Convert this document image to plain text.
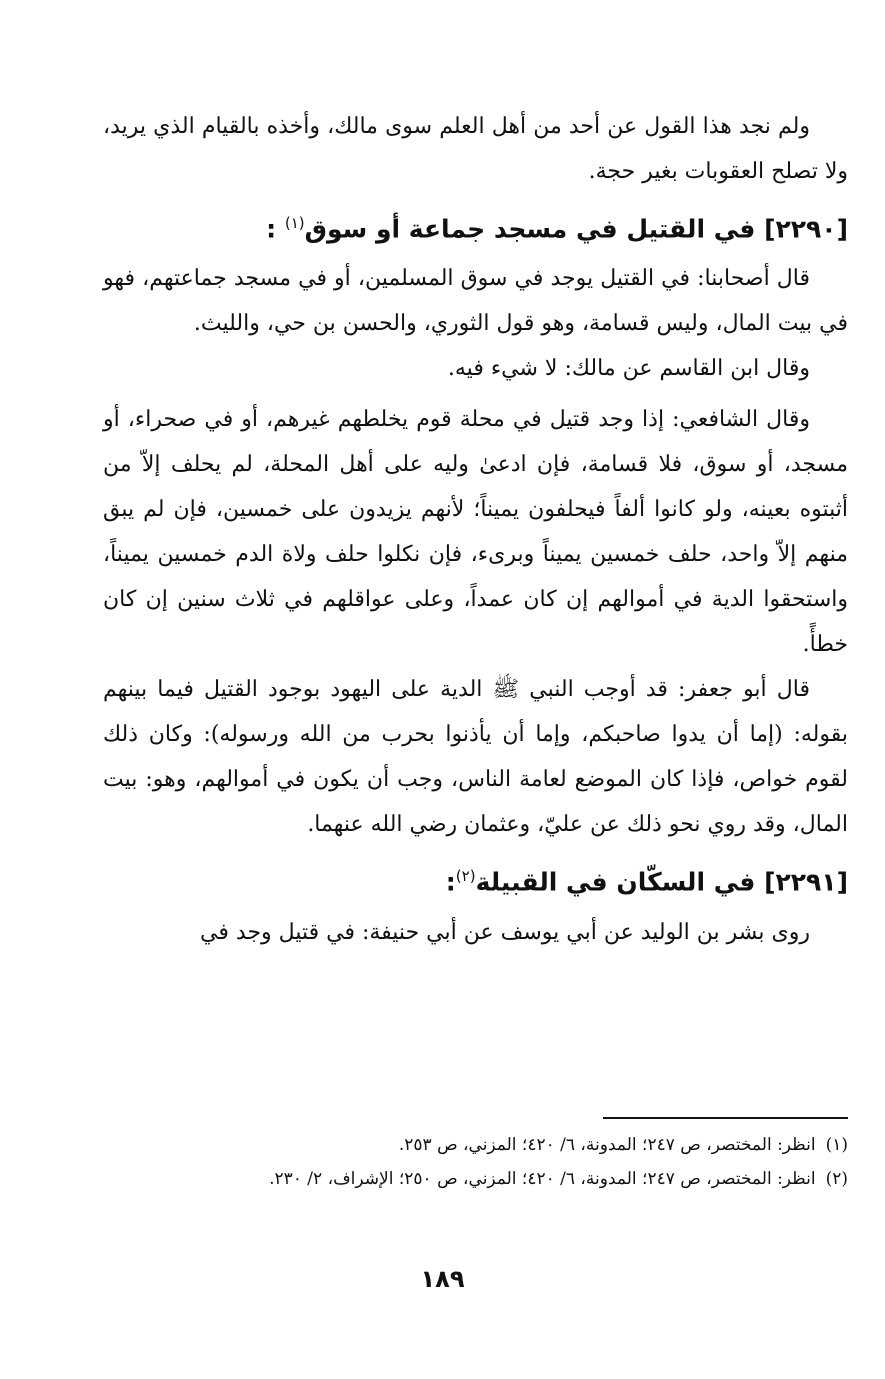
ولم نجد هذا القول عن أحد من أهل العلم سوى مالك، وأخذه بالقيام الذي يريد، ولا تصلح العقوبات بغير حجة.

[٢٢٩٠] في القتيل في مسجد جماعة أو سوق$^{(١)}$ :

قال أصحابنا: في القتيل يوجد في سوق المسلمين، أو في مسجد جماعتهم، فهو في بيت المال، وليس قسامة، وهو قول الثوري، والحسن بن حي، والليث.

وقال ابن القاسم عن مالك: لا شيء فيه.

وقال الشافعي: إذا وجد قتيل في محلة قوم يخلطهم غيرهم، أو في صحراء، أو مسجد، أو سوق، فلا قسامة، فإن ادعىٰ وليه على أهل المحلة، لم يحلف إلاّ من أثبتوه بعينه، ولو كانوا ألفاً فيحلفون يميناً؛ لأنهم يزيدون على خمسين، فإن لم يبق منهم إلاّ واحد، حلف خمسين يميناً وبرىء، فإن نكلوا حلف ولاة الدم خمسين يميناً، واستحقوا الدية في أموالهم إن كان عمداً، وعلى عواقلهم في ثلاث سنين إن كان خطأً.

قال أبو جعفر: قد أوجب النبي ﷺ الدية على اليهود بوجود القتيل فيما بينهم بقوله: (إما أن يدوا صاحبكم، وإما أن يأذنوا بحرب من الله ورسوله): وكان ذلك لقوم خواص، فإذا كان الموضع لعامة الناس، وجب أن يكون في أموالهم، وهو: بيت المال، وقد روي نحو ذلك عن عليّ، وعثمان رضي الله عنهما.

[٢٢٩١] في السكّان في القبيلة$^{(٢)}$:

روى بشر بن الوليد عن أبي يوسف عن أبي حنيفة: في قتيل وجد في

(١)انظر: المختصر، ص ٢٤٧؛ المدونة، ٦/ ٤٢٠؛ المزني، ص ٢٥٣.

(٢)انظر: المختصر، ص ٢٤٧؛ المدونة، ٦/ ٤٢٠؛ المزني، ص ٢٥٠؛ الإشراف، ٢/ ٢٣٠.

١٨٩
